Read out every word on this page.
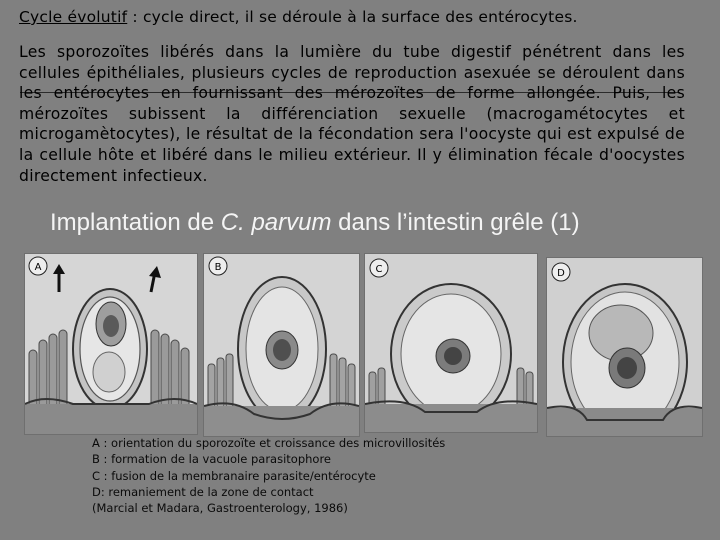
Cycle évolutif : cycle direct, il se déroule à la surface des entérocytes.
Les sporozoïtes libérés dans la lumière du tube digestif pénétrent dans les cellules épithéliales, plusieurs cycles de reproduction asexuée se déroulent dans les entérocytes en fournissant des mérozoïtes de forme allongée. Puis, les mérozoïtes subissent la différenciation sexuelle (macrogamétocytes et microgamètocytes), le résultat de la fécondation sera l'oocyste qui est expulsé de la cellule hôte et libéré dans le milieu extérieur. Il y élimination fécale d'oocystes directement infectieux.
Implantation de C. parvum dans l’intestin grêle (1)
A	B	C	D
A : orientation du sporozoïte et croissance des microvillosités
B : formation de la vacuole parasitophore
C : fusion de la membranaire parasite/entérocyte
D: remaniement de la zone de contact
(Marcial et Madara, Gastroenterology, 1986)
